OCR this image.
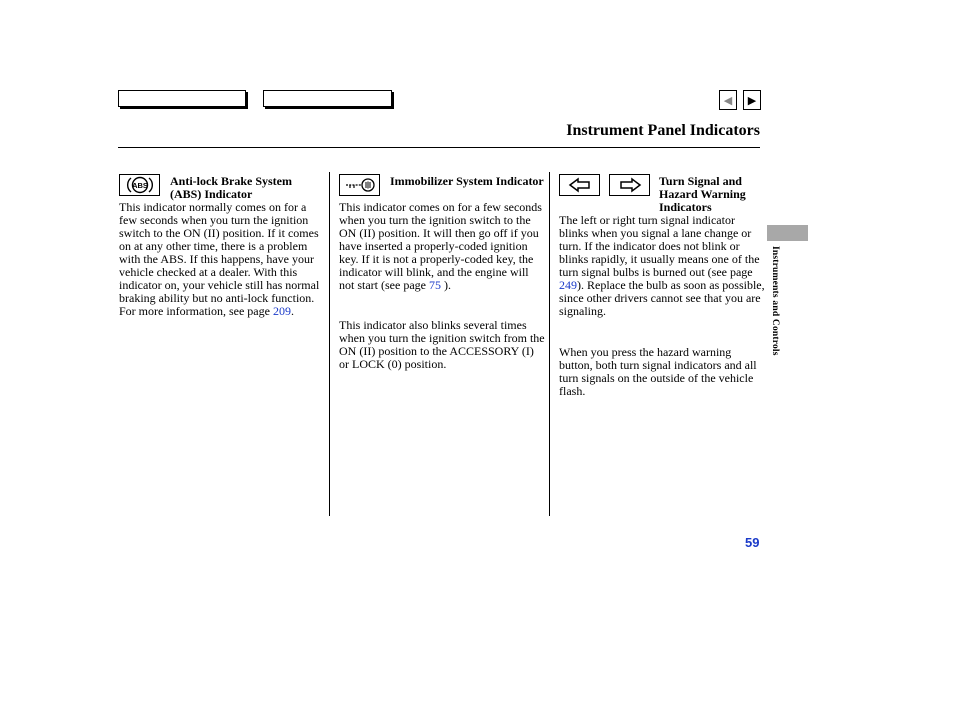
◀ ▶
Instrument Panel Indicators
Instruments and Controls
ABS Anti-lock Brake System (ABS) Indicator
This indicator normally comes on for a few seconds when you turn the ignition switch to the ON (II) position. If it comes on at any other time, there is a problem with the ABS. If this happens, have your vehicle checked at a dealer. With this indicator on, your vehicle still has normal braking ability but no anti-lock function. For more information, see page 209.
Immobilizer System Indicator
This indicator comes on for a few seconds when you turn the ignition switch to the ON (II) position. It will then go off if you have inserted a properly-coded ignition key. If it is not a properly-coded key, the indicator will blink, and the engine will not start (see page 75 ).
This indicator also blinks several times when you turn the ignition switch from the ON (II) position to the ACCESSORY (I) or LOCK (0) position.
Turn Signal and Hazard Warning Indicators
The left or right turn signal indicator blinks when you signal a lane change or turn. If the indicator does not blink or blinks rapidly, it usually means one of the turn signal bulbs is burned out (see page 249). Replace the bulb as soon as possible, since other drivers cannot see that you are signaling.
When you press the hazard warning button, both turn signal indicators and all turn signals on the outside of the vehicle flash.
59
